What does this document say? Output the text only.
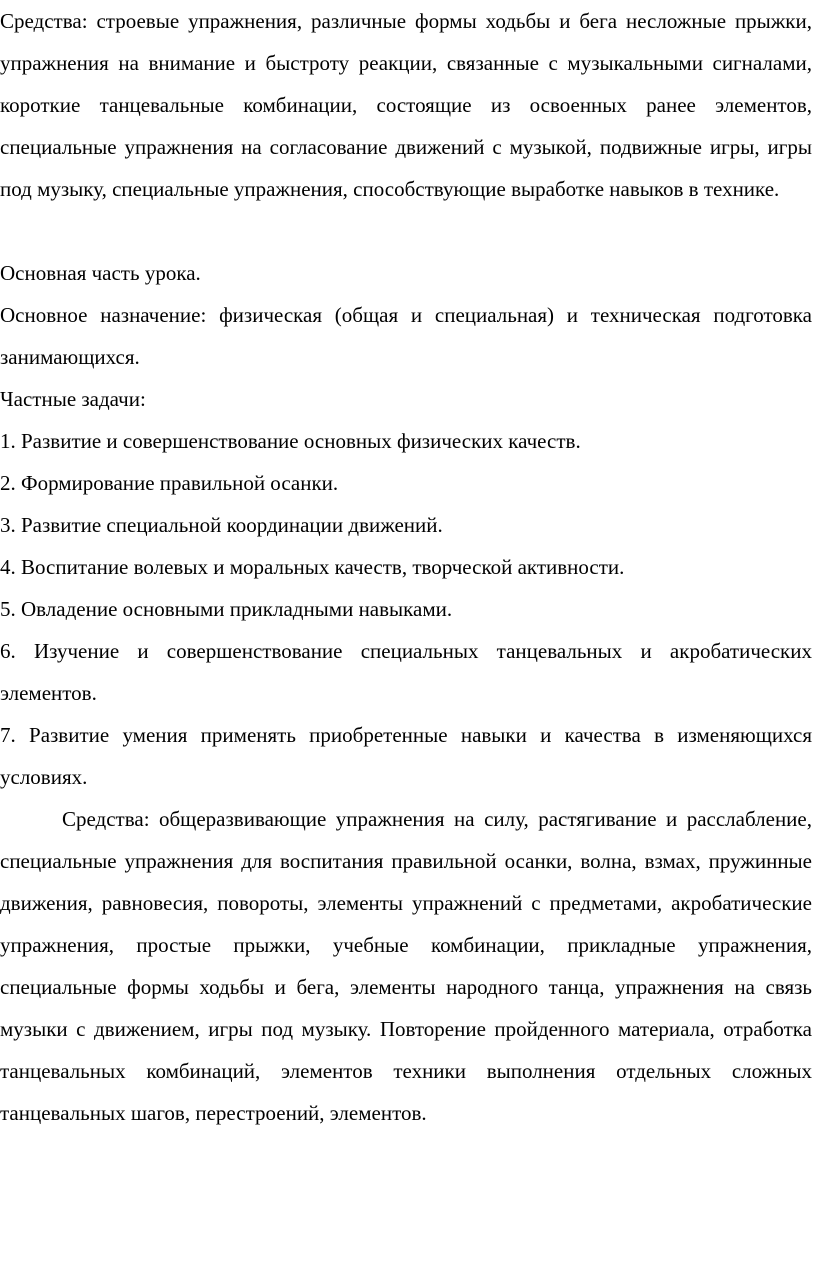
Средства: строевые упражнения, различные формы ходьбы и бега несложные прыжки, упражнения на внимание и быстроту реакции, связанные с музыкальными сигналами, короткие танцевальные комбинации, состоящие из освоенных ранее элементов, специальные упражнения на согласование движений с музыкой, подвижные игры, игры под музыку, специальные упражнения, способствующие выработке навыков в технике.

Основная часть урока.

Основное назначение: физическая (общая и специальная) и техническая подготовка занимающихся.

Частные задачи:

1. Развитие и совершенствование основных физических качеств.

2. Формирование правильной осанки.

3. Развитие специальной координации движений.

4. Воспитание волевых и моральных качеств, творческой активности.

5. Овладение основными прикладными навыками.

6. Изучение и совершенствование специальных танцевальных и акробатических элементов.

7. Развитие умения применять приобретенные навыки и качества в изменяющихся условиях.

Средства: общеразвивающие упражнения на силу, растягивание и расслабление, специальные упражнения для воспитания правильной осанки, волна, взмах, пружинные движения, равновесия, повороты, элементы упражнений с предметами, акробатические упражнения, простые прыжки, учебные комбинации, прикладные упражнения, специальные формы ходьбы и бега, элементы народного танца, упражнения на связь музыки с движением, игры под музыку. Повторение пройденного материала, отработка танцевальных комбинаций, элементов техники выполнения отдельных сложных танцевальных шагов, перестроений, элементов.
